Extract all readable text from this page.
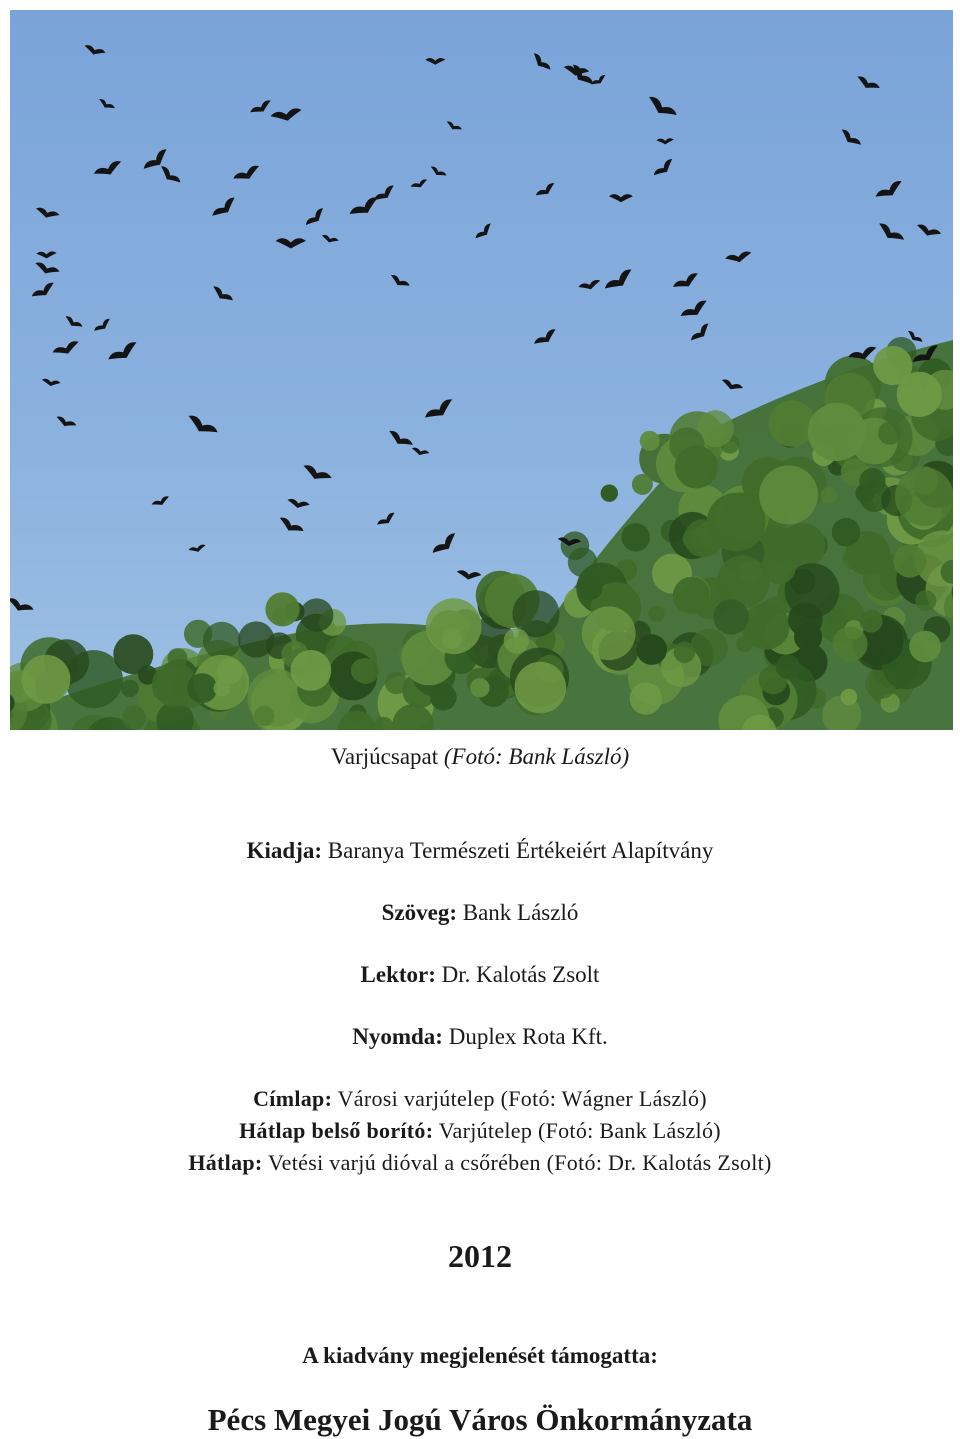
Varjúcsapat (Fotó: Bank László)
Kiadja: Baranya Természeti Értékeiért Alapítvány
Szöveg: Bank László
Lektor: Dr. Kalotás Zsolt
Nyomda: Duplex Rota Kft.
Címlap: Városi varjútelep (Fotó: Wágner László)
Hátlap belső borító: Varjútelep (Fotó: Bank László)
Hátlap: Vetési varjú dióval a csőrében (Fotó: Dr. Kalotás Zsolt)
2012
A kiadvány megjelenését támogatta:
Pécs Megyei Jogú Város Önkormányzata
